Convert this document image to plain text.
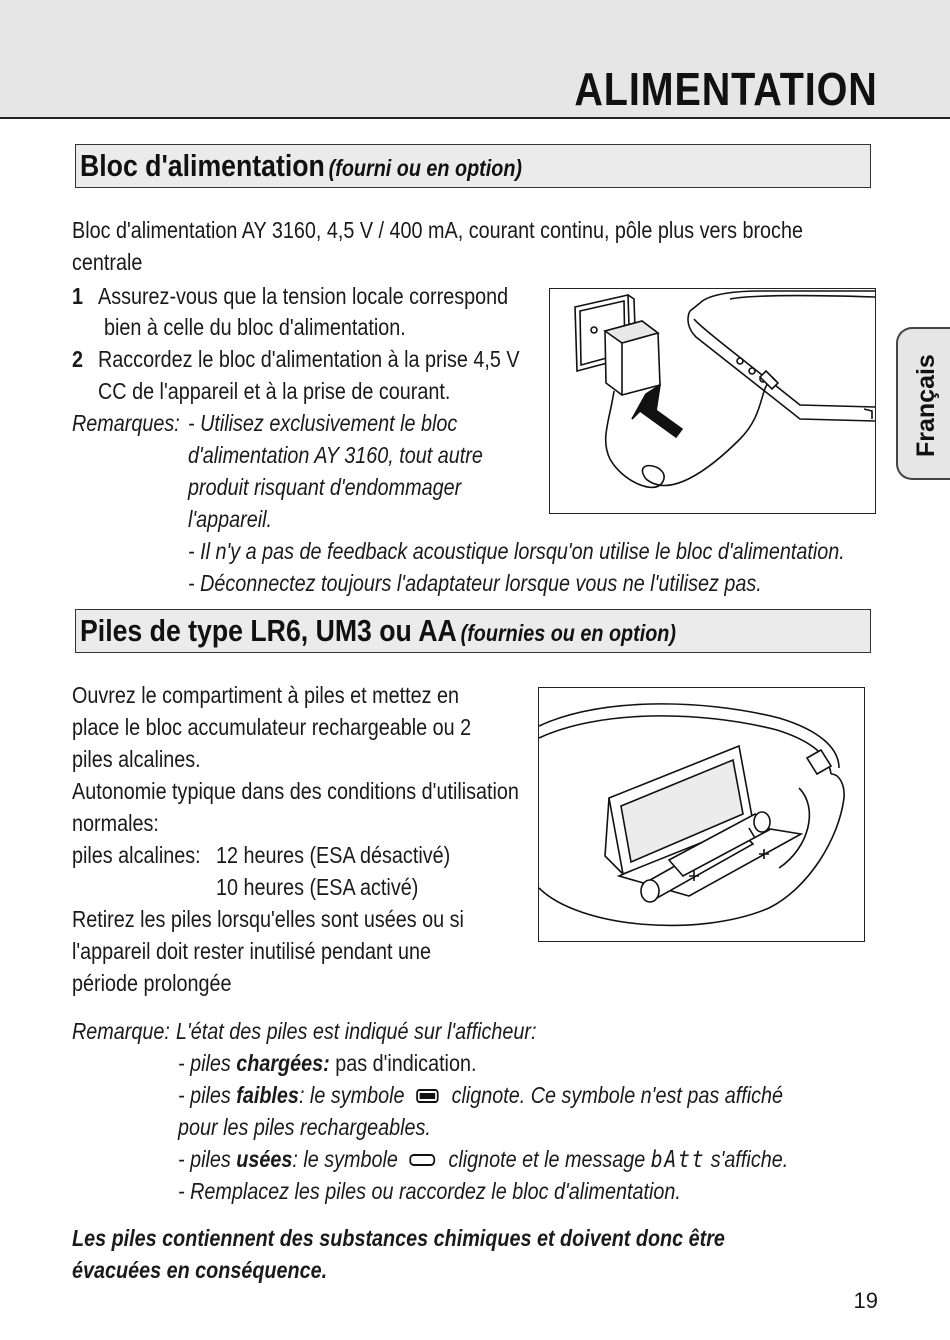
ALIMENTATION
Français
Bloc d'alimentation (fourni ou en option)
Bloc d'alimentation AY 3160, 4,5 V / 400 mA, courant continu, pôle plus vers broche
centrale
1 Assurez-vous que la tension locale correspond
bien à celle du bloc d'alimentation.
2 Raccordez le bloc d'alimentation à la prise 4,5 V
CC de l'appareil et à la prise de courant.
Remarques: - Utilisez exclusivement le bloc
d'alimentation AY 3160, tout autre
produit risquant d'endommager
l'appareil.
- Il n'y a pas de feedback acoustique lorsqu'on utilise le bloc d'alimentation.
- Déconnectez toujours l'adaptateur lorsque vous ne l'utilisez pas.
Piles de type LR6, UM3 ou AA (fournies ou en option)
Ouvrez le compartiment à piles et mettez en
place le bloc accumulateur rechargeable ou 2
piles alcalines.
Autonomie typique dans des conditions d'utilisation
normales:
piles alcalines: 12 heures (ESA désactivé)
10 heures (ESA activé)
Retirez les piles lorsqu'elles sont usées ou si
l'appareil doit rester inutilisé pendant une
période prolongée
Remarque: L'état des piles est indiqué sur l'afficheur:
- piles chargées: pas d'indication.
- piles faibles: le symbole clignote. Ce symbole n'est pas affiché
pour les piles rechargeables.
- piles usées: le symbole clignote et le message bAtt s'affiche.
- Remplacez les piles ou raccordez le bloc d'alimentation.
Les piles contiennent des substances chimiques et doivent donc être
évacuées en conséquence.
19
